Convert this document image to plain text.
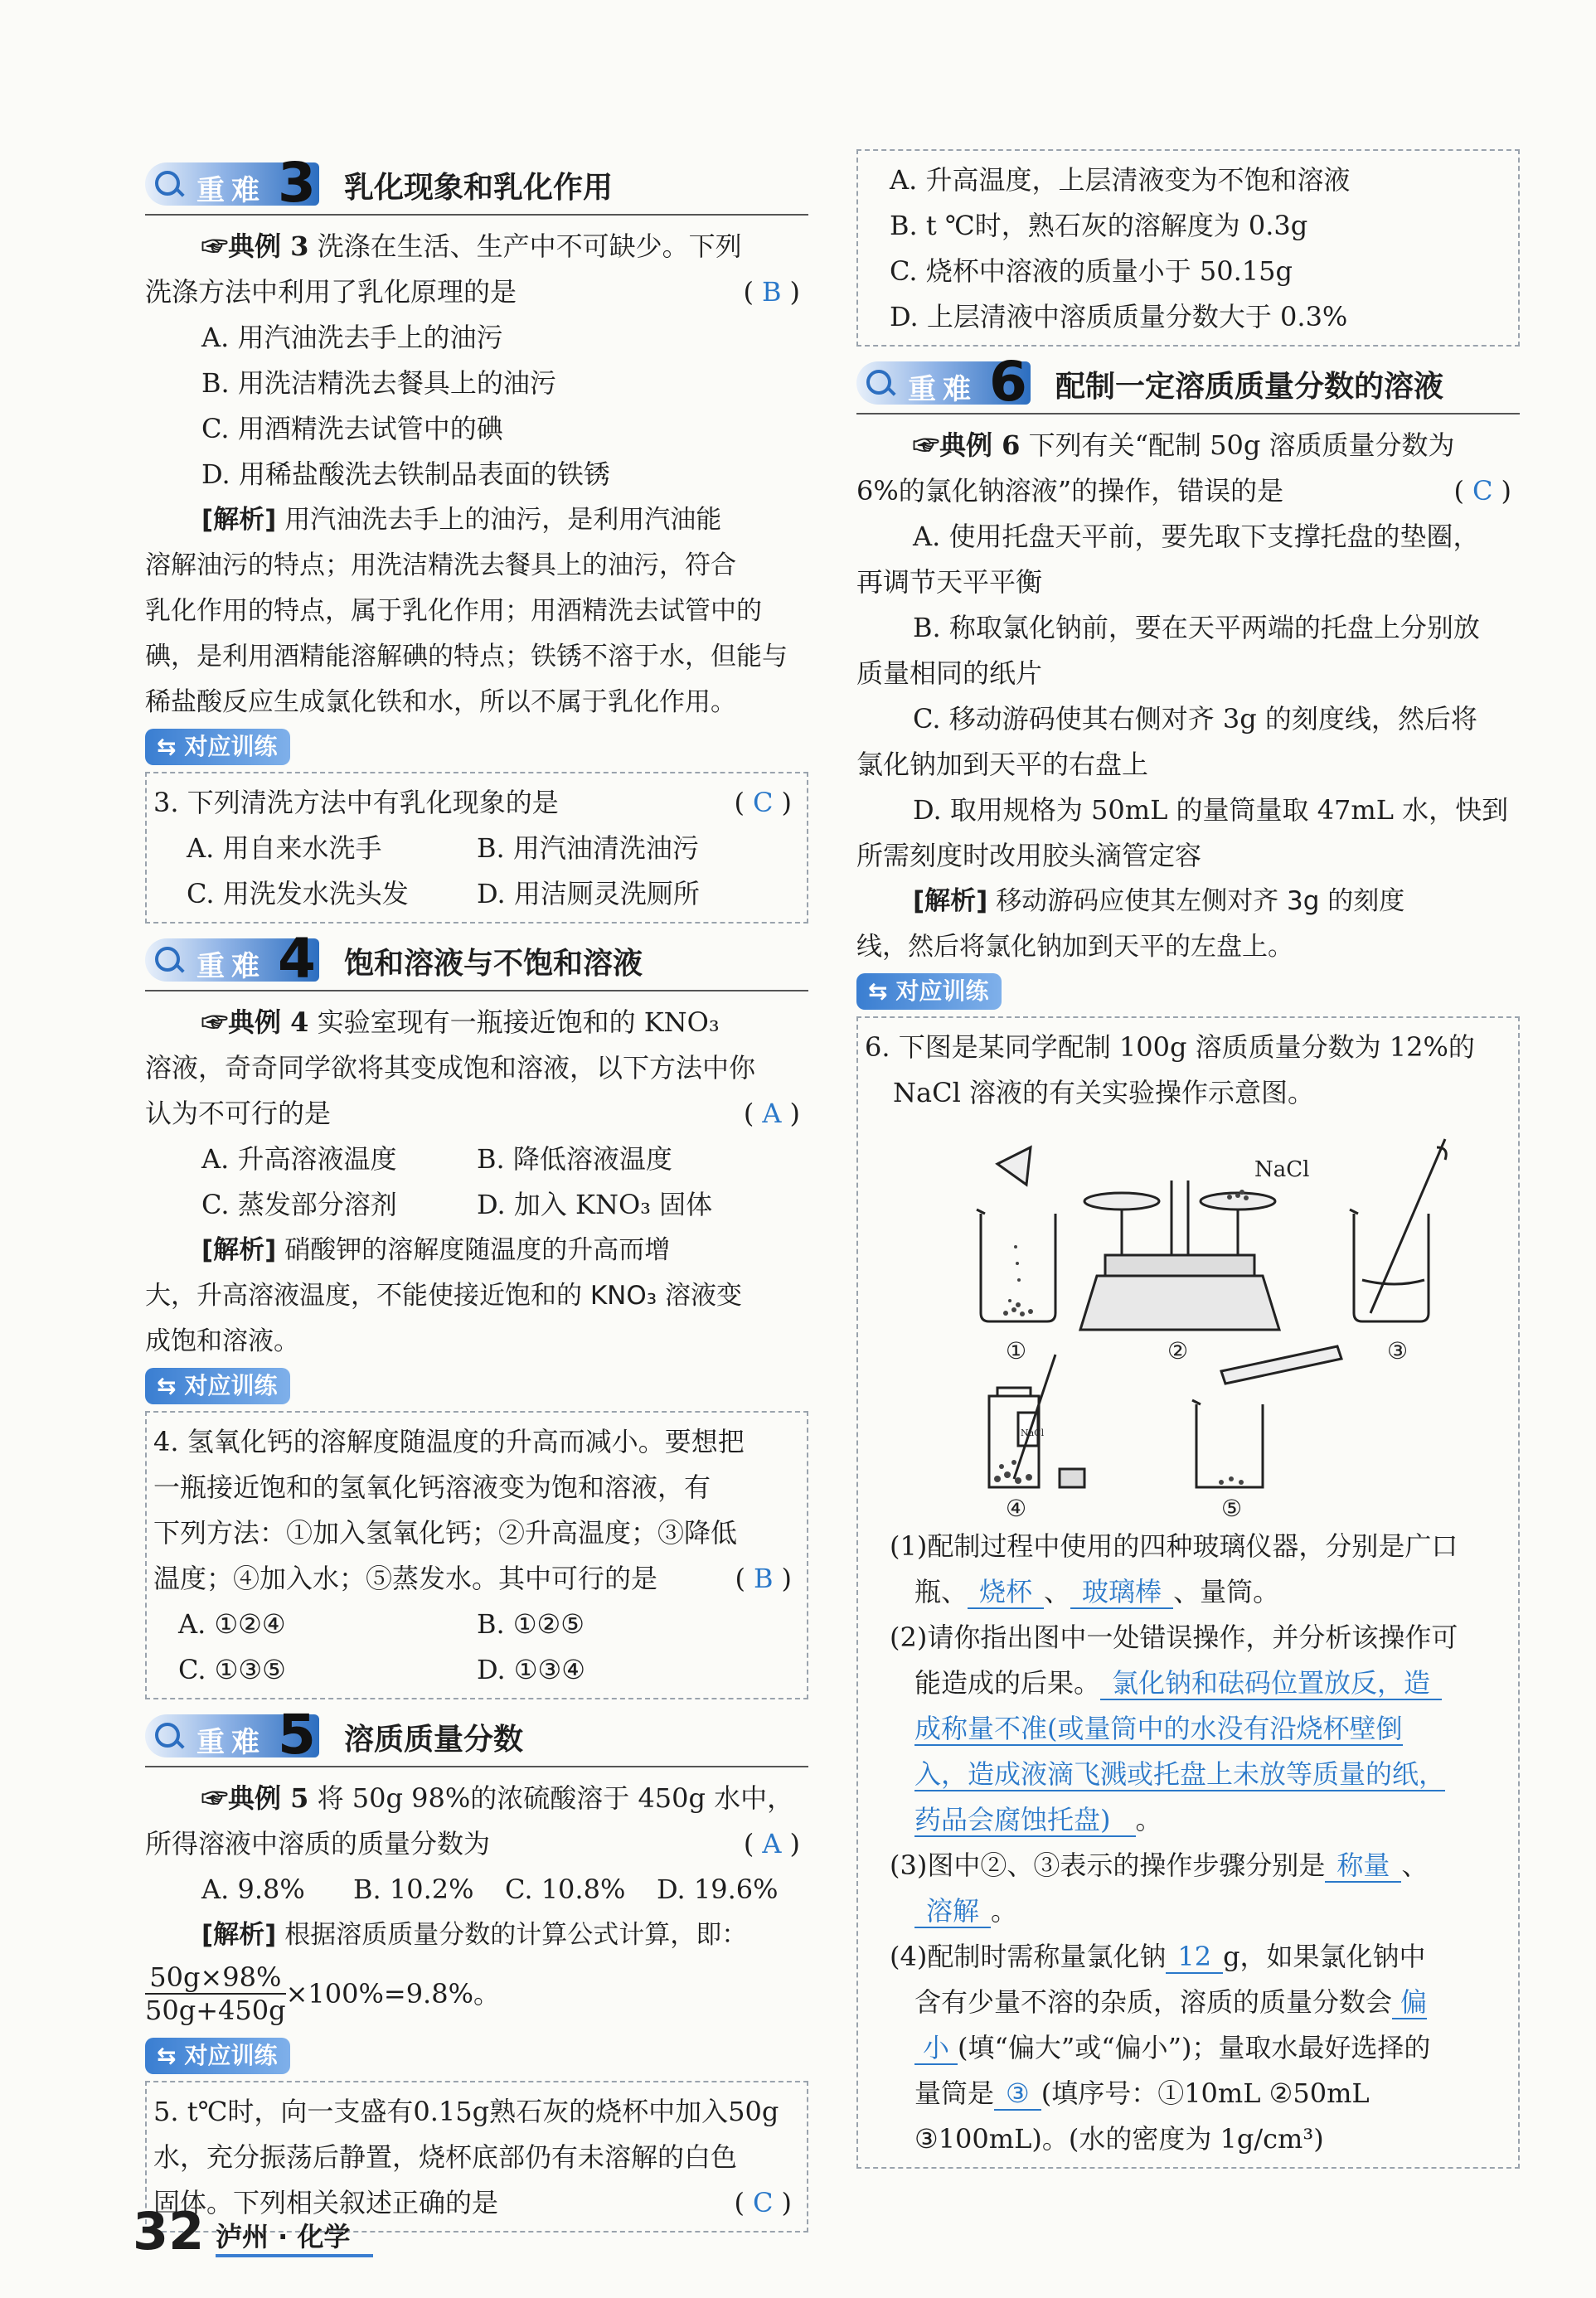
重难 3 乳化现象和乳化作用

☞典例 3 洗涤在生活、生产中不可缺少。下列

洗涤方法中利用了乳化原理的是	(B)

A. 用汽油洗去手上的油污

B. 用洗洁精洗去餐具上的油污

C. 用酒精洗去试管中的碘

D. 用稀盐酸洗去铁制品表面的铁锈

[解析] 用汽油洗去手上的油污，是利用汽油能

溶解油污的特点；用洗洁精洗去餐具上的油污，符合

乳化作用的特点，属于乳化作用；用酒精洗去试管中的

碘，是利用酒精能溶解碘的特点；铁锈不溶于水，但能与

稀盐酸反应生成氯化铁和水，所以不属于乳化作用。

⇆ 对应训练

3. 下列清洗方法中有乳化现象的是	(C)

A. 用自来水洗手	B. 用汽油清洗油污

C. 用洗发水洗头发	D. 用洁厕灵洗厕所

重难 4 饱和溶液与不饱和溶液

☞典例 4 实验室现有一瓶接近饱和的 KNO₃

溶液，奇奇同学欲将其变成饱和溶液，以下方法中你

认为不可行的是	(A)

A. 升高溶液温度	B. 降低溶液温度

C. 蒸发部分溶剂	D. 加入 KNO₃ 固体

[解析] 硝酸钾的溶解度随温度的升高而增

大，升高溶液温度，不能使接近饱和的 KNO₃ 溶液变

成饱和溶液。

⇆ 对应训练

4. 氢氧化钙的溶解度随温度的升高而减小。要想把

一瓶接近饱和的氢氧化钙溶液变为饱和溶液，有

下列方法：①加入氢氧化钙；②升高温度；③降低

温度；④加入水；⑤蒸发水。其中可行的是	(B)

A. ①②④	B. ①②⑤

C. ①③⑤	D. ①③④

重难 5 溶质质量分数

☞典例 5 将 50g 98%的浓硫酸溶于 450g 水中，

所得溶液中溶质的质量分数为	(A)

A. 9.8%	B. 10.2%	C. 10.8%	D. 19.6%

[解析] 根据溶质质量分数的计算公式计算，即：

$\frac{50g\times 98\%}{50g+450g} \times 100\%=9.8\%$。

⇆ 对应训练

5. t℃时，向一支盛有0.15g熟石灰的烧杯中加入50g

水，充分振荡后静置，烧杯底部仍有未溶解的白色

固体。下列相关叙述正确的是	(C)

A. 升高温度，上层清液变为不饱和溶液

B. t ℃时，熟石灰的溶解度为 0.3g

C. 烧杯中溶液的质量小于 50.15g

D. 上层清液中溶质质量分数大于 0.3%

重难 6 配制一定溶质质量分数的溶液

☞典例 6 下列有关“配制 50g 溶质质量分数为

6%的氯化钠溶液”的操作，错误的是	(C)

A. 使用托盘天平前，要先取下支撑托盘的垫圈，

再调节天平平衡

B. 称取氯化钠前，要在天平两端的托盘上分别放

质量相同的纸片

C. 移动游码使其右侧对齐 3g 的刻度线，然后将

氯化钠加到天平的右盘上

D. 取用规格为 50mL 的量筒量取 47mL 水，快到

所需刻度时改用胶头滴管定容

[解析] 移动游码应使其左侧对齐 3g 的刻度

线，然后将氯化钠加到天平的左盘上。

⇆ 对应训练

6. 下图是某同学配制 100g 溶质质量分数为 12%的

NaCl 溶液的有关实验操作示意图。

①
NaCl
②	③
NaCl
④	⑤

(1)配制过程中使用的四种玻璃仪器，分别是广口

瓶、 烧杯 、 玻璃棒 、量筒。

(2)请你指出图中一处错误操作，并分析该操作可

能造成的后果。 氯化钠和砝码位置放反，造

成称量不准(或量筒中的水没有沿烧杯壁倒

入，造成液滴飞溅或托盘上未放等质量的纸，

药品会腐蚀托盘) 。

(3)图中②、③表示的操作步骤分别是 称量 、

溶解 。

(4)配制时需称量氯化钠 12 g，如果氯化钠中

含有少量不溶的杂质，溶质的质量分数会 偏

小 (填“偏大”或“偏小”)；量取水最好选择的

量筒是 ③ (填序号：①10mL ②50mL

③100mL)。(水的密度为 1g/cm³)

32 泸州 · 化学
